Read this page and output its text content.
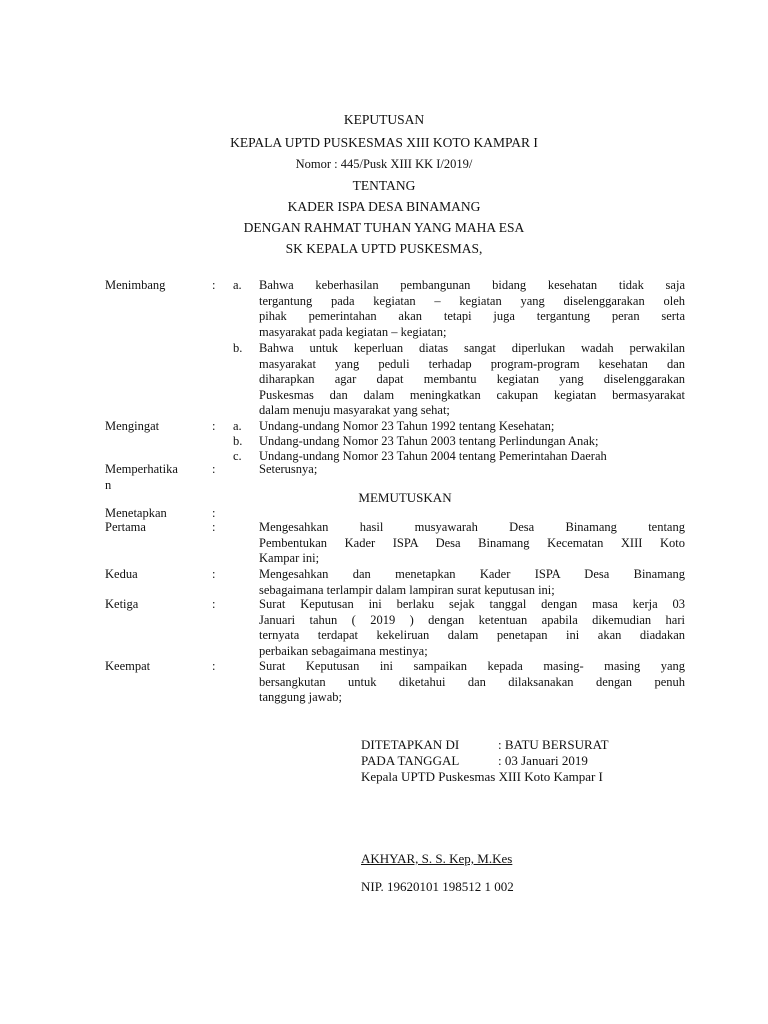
KEPUTUSAN
KEPALA UPTD PUSKESMAS XIII KOTO KAMPAR I
Nomor : 445/Pusk XIII KK I/2019/
TENTANG
KADER ISPA DESA BINAMANG
DENGAN RAHMAT TUHAN YANG MAHA ESA
SK KEPALA UPTD PUSKESMAS,
Menimbang	: a. Bahwa keberhasilan pembangunan bidang kesehatan tidak saja
tergantung pada kegiatan – kegiatan yang diselenggarakan oleh
pihak pemerintahan akan tetapi juga tergantung peran serta
masyarakat pada kegiatan – kegiatan;
b. Bahwa untuk keperluan diatas sangat diperlukan wadah perwakilan
masyarakat yang peduli terhadap program-program kesehatan dan
diharapkan agar dapat membantu kegiatan yang diselenggarakan
Puskesmas dan dalam meningkatkan cakupan kegiatan bermasyarakat
dalam menuju masyarakat yang sehat;
Mengingat	: a. Undang-undang Nomor 23 Tahun 1992 tentang Kesehatan;
b. Undang-undang Nomor 23 Tahun 2003 tentang Perlindungan Anak;
c. Undang-undang Nomor 23 Tahun 2004 tentang Pemerintahan Daerah
Memperhatika
n
:	Seterusnya;
MEMUTUSKAN
Menetapkan	:
Pertama	:	Mengesahkan hasil musyawarah Desa Binamang tentang
Pembentukan Kader ISPA Desa Binamang Kecematan XIII Koto
Kampar ini;
Kedua	:	Mengesahkan dan menetapkan Kader ISPA Desa Binamang
sebagaimana terlampir dalam lampiran surat keputusan ini;
Ketiga	:	Surat Keputusan ini berlaku sejak tanggal dengan masa kerja 03
Januari tahun ( 2019 ) dengan ketentuan apabila dikemudian hari
ternyata terdapat kekeliruan dalam penetapan ini akan diadakan
perbaikan sebagaimana mestinya;
Keempat	:	Surat Keputusan ini sampaikan kepada masing- masing yang
bersangkutan untuk diketahui dan dilaksanakan dengan penuh
tanggung jawab;
DITETAPKAN DI	: BATU BERSURAT
PADA TANGGAL	: 03 Januari 2019
Kepala UPTD Puskesmas XIII Koto Kampar I
AKHYAR, S. S. Kep, M.Kes
NIP. 19620101 198512 1 002
